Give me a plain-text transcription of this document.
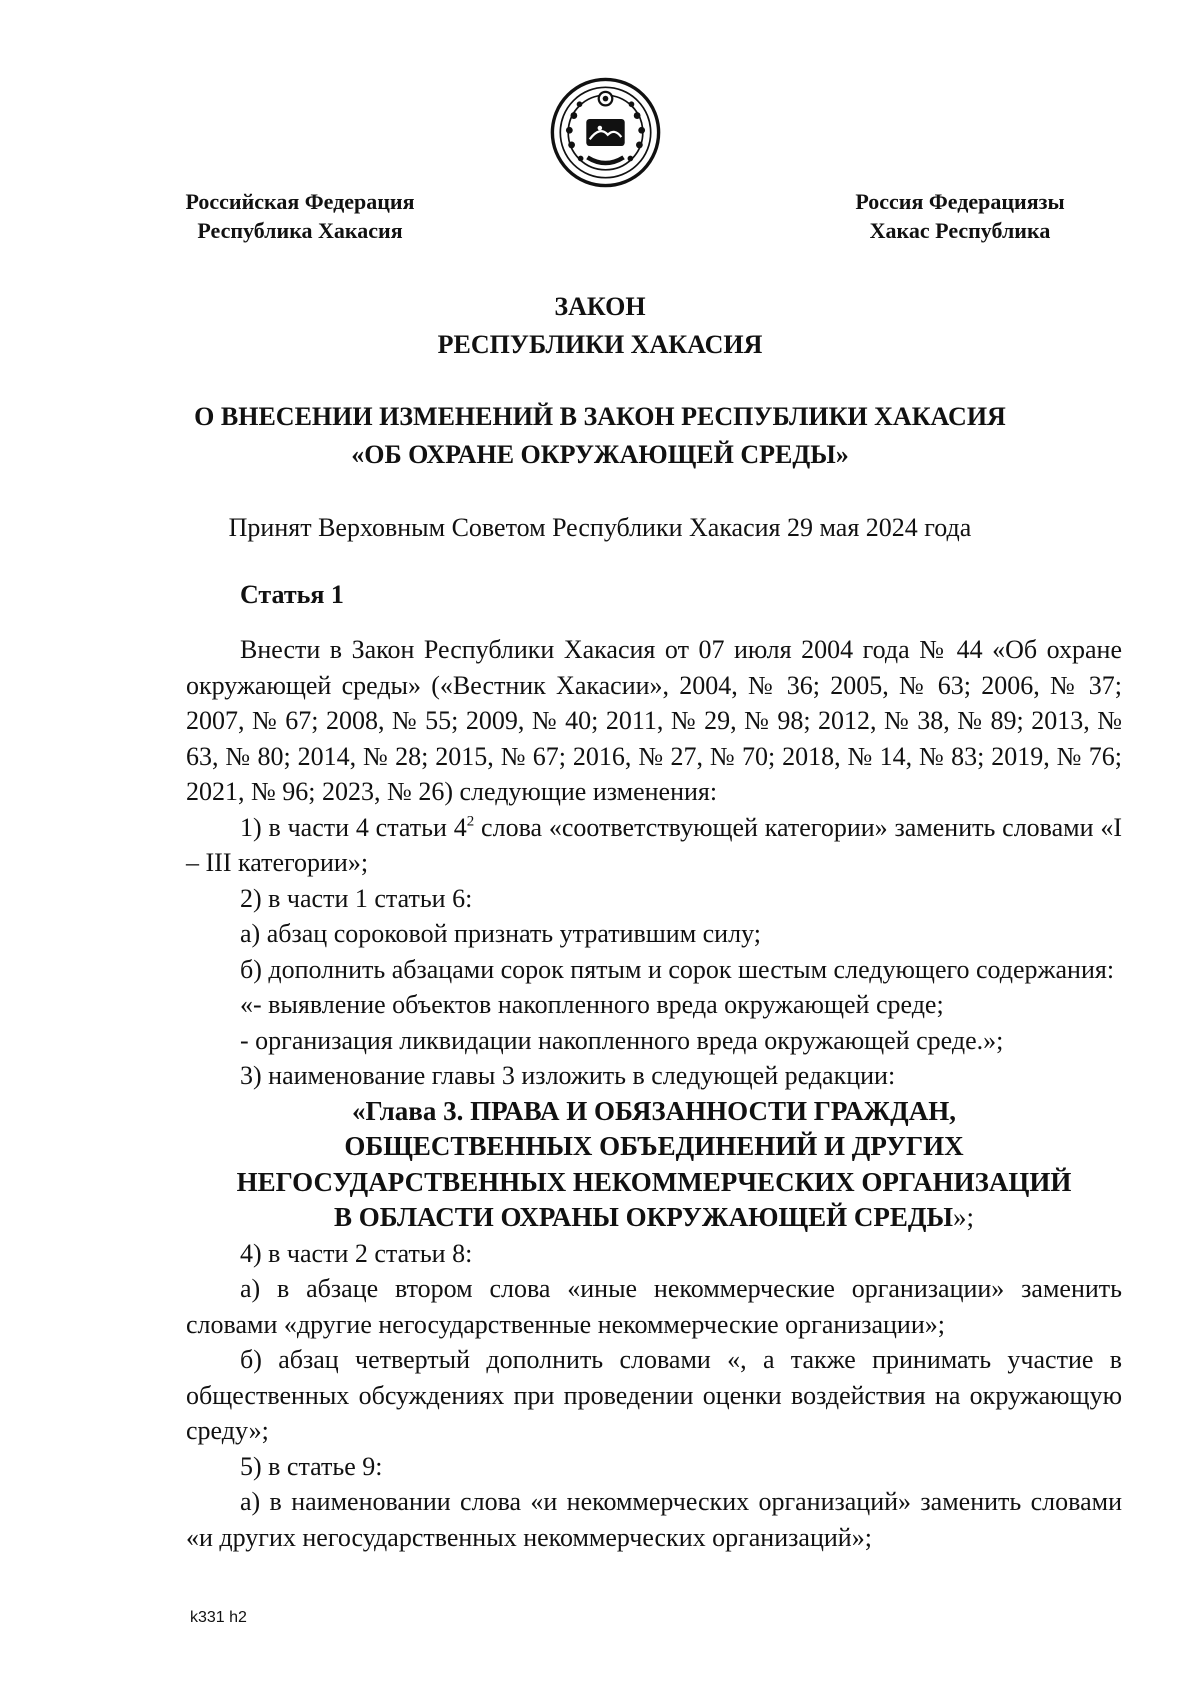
Российская Федерация
Республика Хакасия
Россия Федерациязы
Хакас Республика
ЗАКОН
РЕСПУБЛИКИ ХАКАСИЯ
О ВНЕСЕНИИ ИЗМЕНЕНИЙ В ЗАКОН РЕСПУБЛИКИ ХАКАСИЯ
«ОБ ОХРАНЕ ОКРУЖАЮЩЕЙ СРЕДЫ»
Принят Верховным Советом Республики Хакасия 29 мая 2024 года
Статья 1
Внести в Закон Республики Хакасия от 07 июля 2004 года № 44 «Об охране окружающей среды» («Вестник Хакасии», 2004, № 36; 2005, № 63; 2006, № 37; 2007, № 67; 2008, № 55; 2009, № 40; 2011, № 29, № 98; 2012, № 38, № 89; 2013, № 63, № 80; 2014, № 28; 2015, № 67; 2016, № 27, № 70; 2018, № 14, № 83; 2019, № 76; 2021, № 96; 2023, № 26) следующие изменения:
1) в части 4 статьи $4^2$ слова «соответствующей категории» заменить словами «I – III категории»;
2) в части 1 статьи 6:
а) абзац сороковой признать утратившим силу;
б) дополнить абзацами сорок пятым и сорок шестым следующего содержания:
«- выявление объектов накопленного вреда окружающей среде;
- организация ликвидации накопленного вреда окружающей среде.»;
3) наименование главы 3 изложить в следующей редакции:
«Глава 3. ПРАВА И ОБЯЗАННОСТИ ГРАЖДАН,
ОБЩЕСТВЕННЫХ ОБЪЕДИНЕНИЙ И ДРУГИХ
НЕГОСУДАРСТВЕННЫХ НЕКОММЕРЧЕСКИХ ОРГАНИЗАЦИЙ
В ОБЛАСТИ ОХРАНЫ ОКРУЖАЮЩЕЙ СРЕДЫ»;
4) в части 2 статьи 8:
а) в абзаце втором слова «иные некоммерческие организации» заменить словами «другие негосударственные некоммерческие организации»;
б) абзац четвертый дополнить словами «, а также принимать участие в общественных обсуждениях при проведении оценки воздействия на окружающую среду»;
5) в статье 9:
а) в наименовании слова «и некоммерческих организаций» заменить словами «и других негосударственных некоммерческих организаций»;
k331 h2
